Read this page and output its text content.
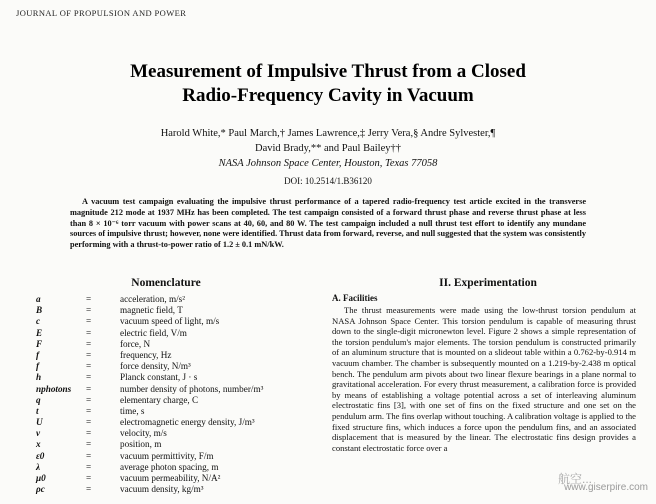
JOURNAL OF PROPULSION AND POWER
Measurement of Impulsive Thrust from a Closed
Radio-Frequency Cavity in Vacuum
Harold White,* Paul March,† James Lawrence,‡ Jerry Vera,§ Andre Sylvester,¶
David Brady,** and Paul Bailey††
NASA Johnson Space Center, Houston, Texas 77058
DOI: 10.2514/1.B36120
A vacuum test campaign evaluating the impulsive thrust performance of a tapered radio-frequency test article excited in the transverse magnitude 212 mode at 1937 MHz has been completed. The test campaign consisted of a forward thrust phase and reverse thrust phase at less than 8 × 10⁻⁶ torr vacuum with power scans at 40, 60, and 80 W. The test campaign included a null thrust test effort to identify any mundane sources of impulsive thrust; however, none were identified. Thrust data from forward, reverse, and null suggested that the system was consistently performing with a thrust-to-power ratio of 1.2 ± 0.1 mN/kW.
Nomenclature
a	=	acceleration, m/s²
B	=	magnetic field, T
c	=	vacuum speed of light, m/s
E	=	electric field, V/m
F	=	force, N
f	=	frequency, Hz
f	=	force density, N/m³
h	=	Planck constant, J · s
nphotons =	number density of photons, number/m³
q	=	elementary charge, C
t	=	time, s
U	=	electromagnetic energy density, J/m³
v	=	velocity, m/s
x	=	position, m
ε0	=	vacuum permittivity, F/m
λ	=	average photon spacing, m
μ0	=	vacuum permeability, N/A²
ρc	=	vacuum density, kg/m³
II. Experimentation
A. Facilities
The thrust measurements were made using the low-thrust torsion pendulum at NASA Johnson Space Center. This torsion pendulum is capable of measuring thrust down to the single-digit micronewton level. Figure 2 shows a simple representation of the torsion pendulum's major elements. The torsion pendulum is constructed primarily of an aluminum structure that is mounted on a slideout table within a 0.762-by-0.914 m vacuum chamber. The chamber is subsequently mounted on a 1.219-by-2.438 m optical bench. The pendulum arm pivots about two linear flexure bearings in a plane normal to gravitational acceleration. For every thrust measurement, a calibration force is provided by means of establishing a voltage potential across a set of interleaving aluminum electrostatic fins [3], with one set of fins on the fixed structure and one set on the pendulum arm. The fins overlap without touching. A calibration voltage is applied to the fixed structure fins, which induces a force upon the pendulum fins, and an associated displacement that is measured by the linear. The electrostatic fins design provides a constant electrostatic force over a
航空...
www.giserpire.com
